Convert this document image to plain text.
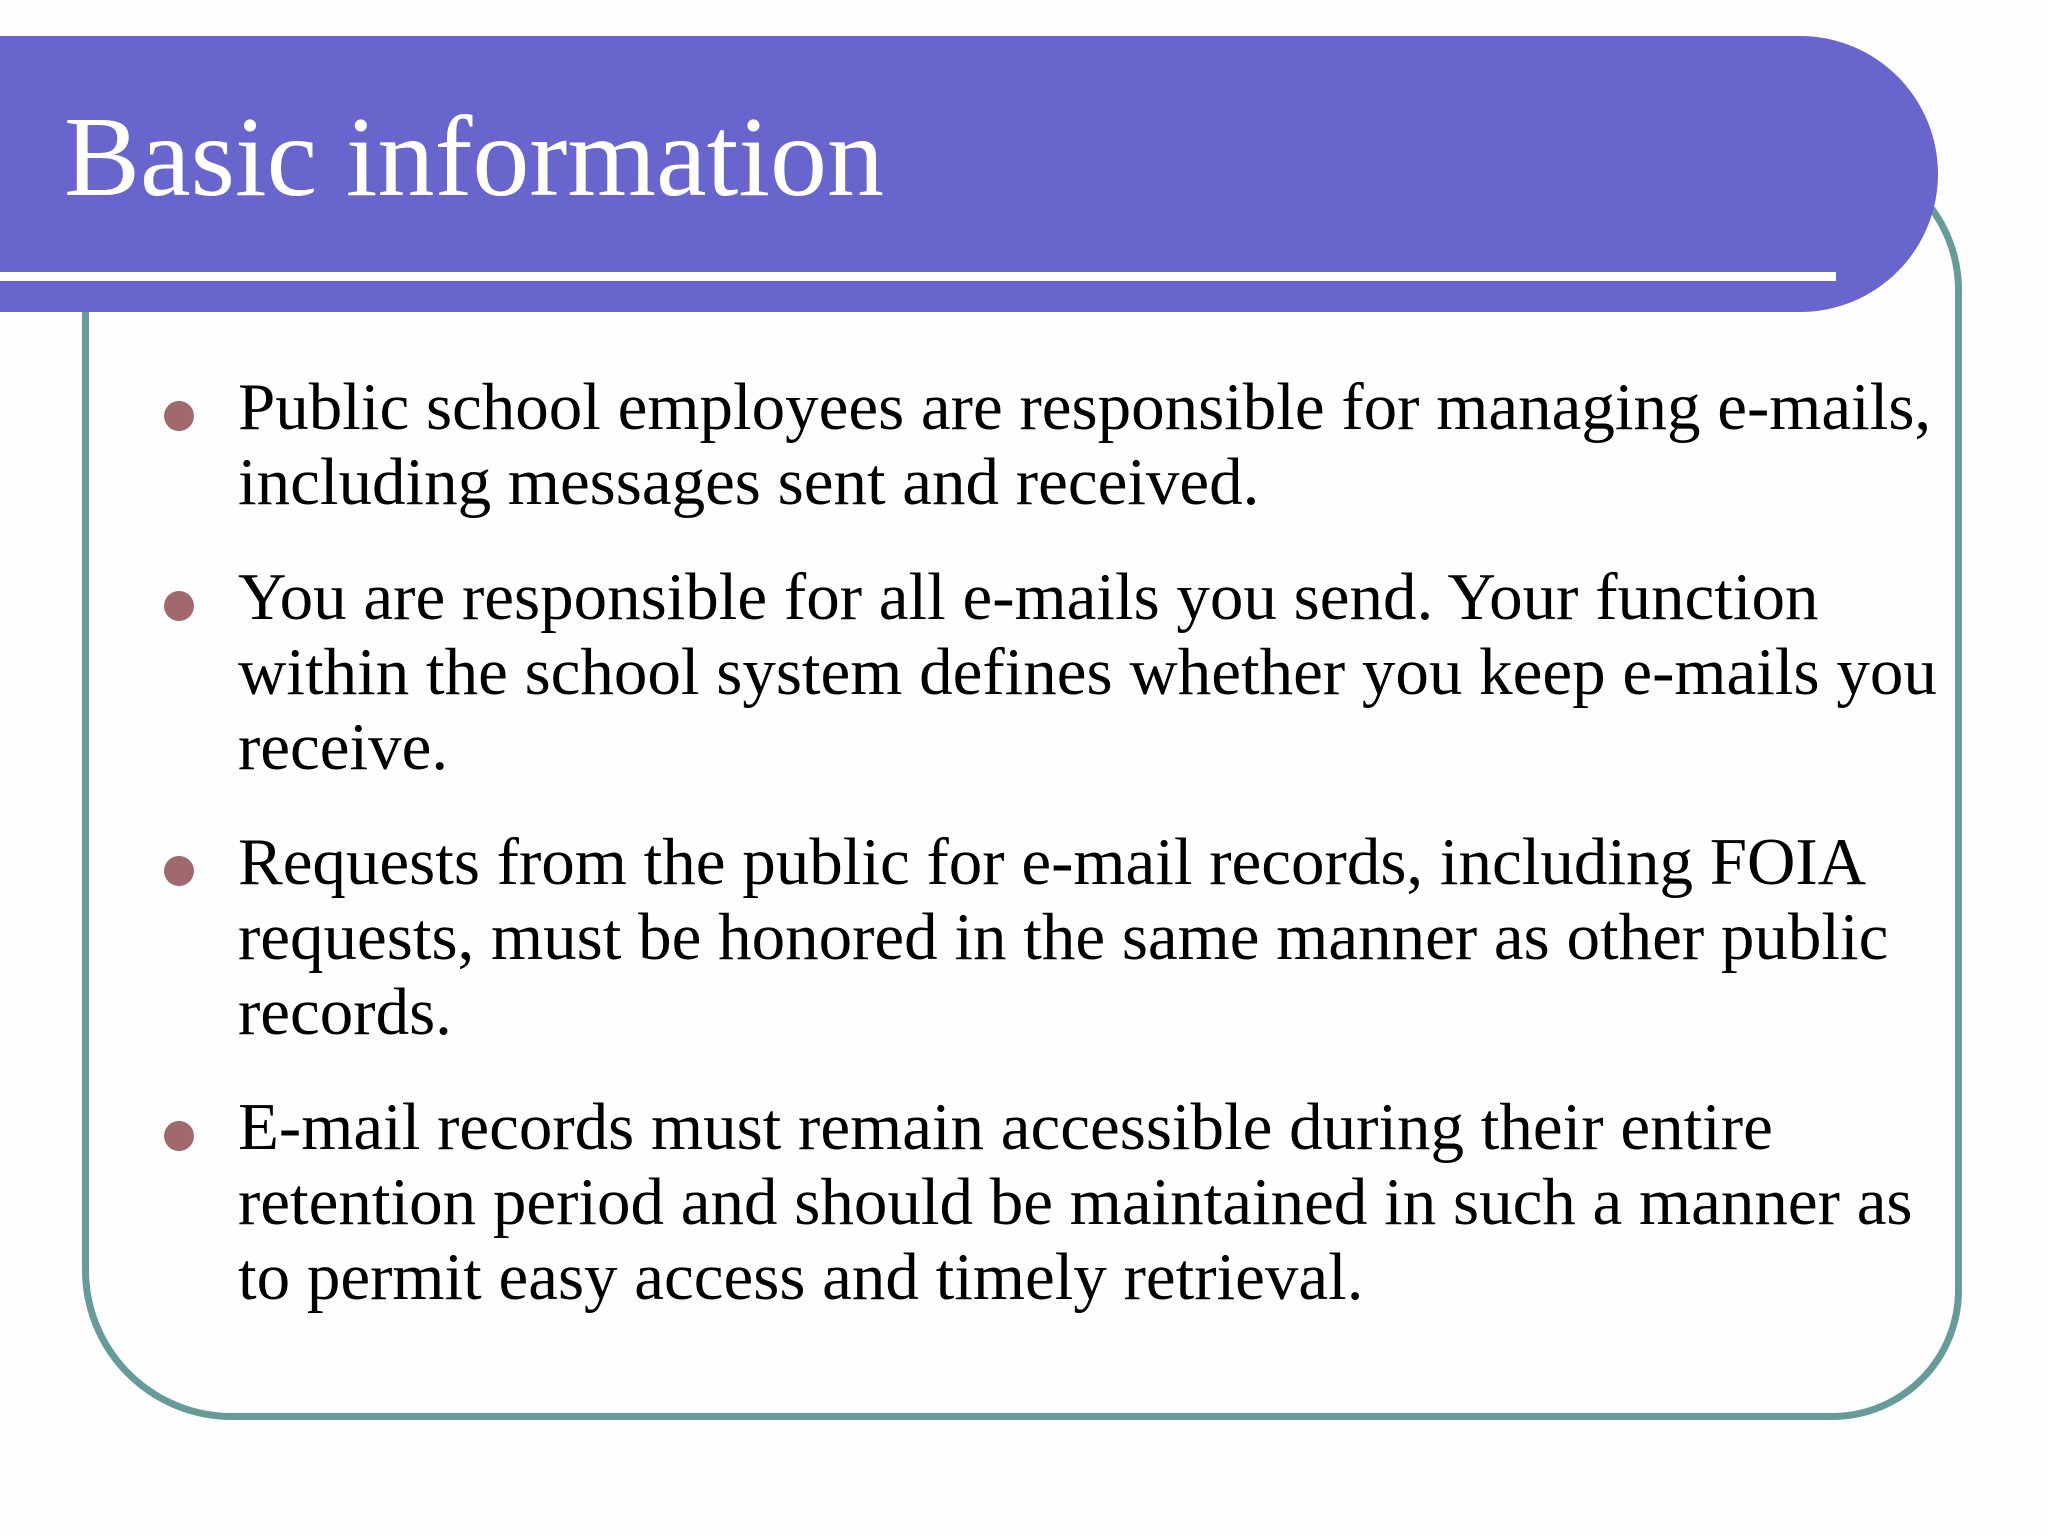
Basic information
Public school employees are responsible for managing e-mails, including messages sent and received.
You are responsible for all e-mails you send. Your function within the school system defines whether you keep e-mails you receive.
Requests from the public for e-mail records, including FOIA requests, must be honored in the same manner as other public records.
E-mail records must remain accessible during their entire retention period and should be maintained in such a manner as to permit easy access and timely retrieval.
